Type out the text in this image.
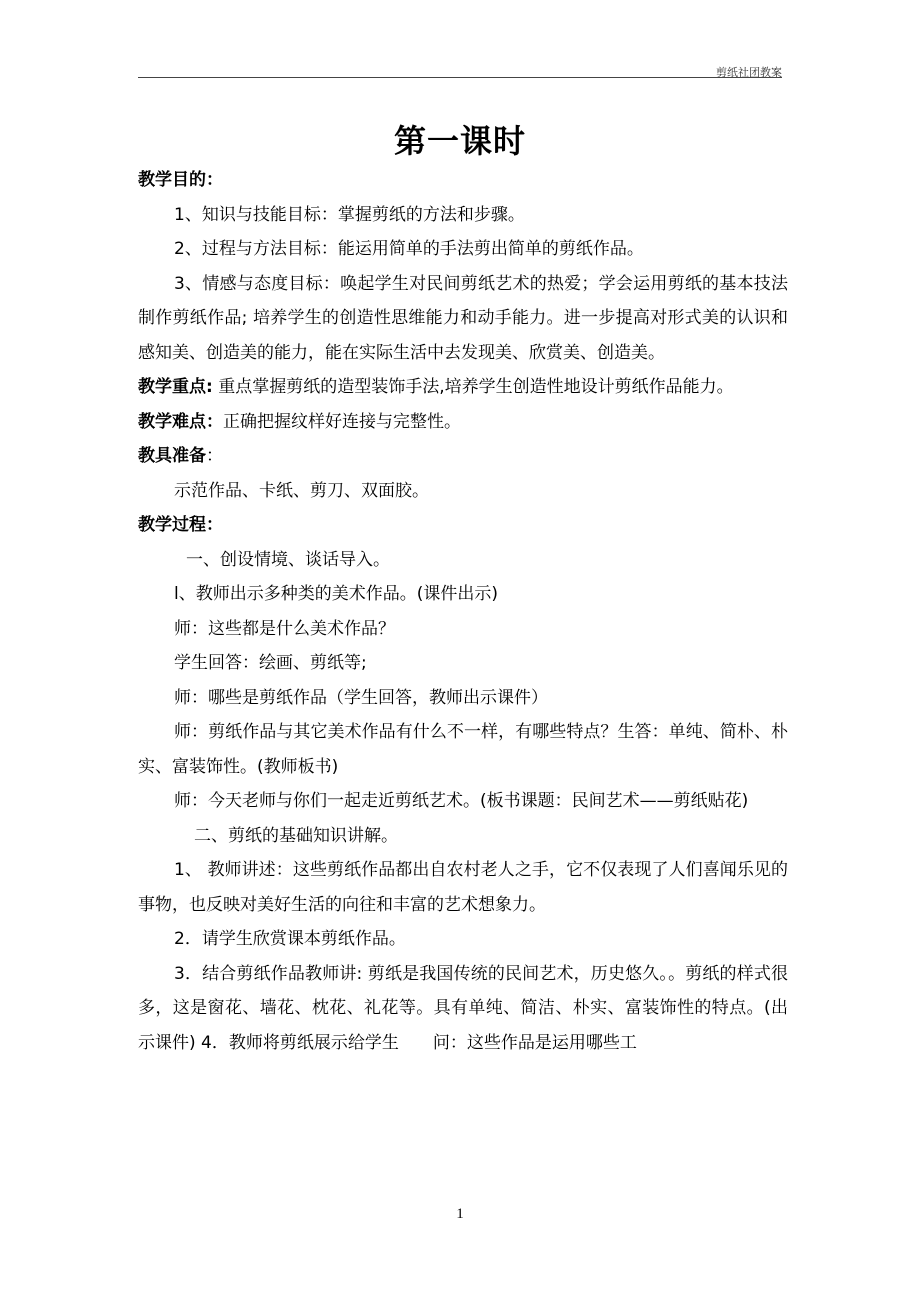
剪纸社团教案
第一课时

教学目的：

1、知识与技能目标：掌握剪纸的方法和步骤。

2、过程与方法目标：能运用简单的手法剪出简单的剪纸作品。

3、情感与态度目标：唤起学生对民间剪纸艺术的热爱；学会运用剪纸的基本技法制作剪纸作品; 培养学生的创造性思维能力和动手能力。进一步提高对形式美的认识和感知美、创造美的能力，能在实际生活中去发现美、欣赏美、创造美。

教学重点: 重点掌握剪纸的造型装饰手法,培养学生创造性地设计剪纸作品能力。

教学难点：正确把握纹样好连接与完整性。

教具准备：

示范作品、卡纸、剪刀、双面胶。

教学过程：

一、创设情境、谈话导入。

l、教师出示多种类的美术作品。(课件出示)

师：这些都是什么美术作品？

学生回答：绘画、剪纸等;

师：哪些是剪纸作品（学生回答，教师出示课件）

师：剪纸作品与其它美术作品有什么不一样，有哪些特点？生答：单纯、简朴、朴实、富装饰性。(教师板书)

师：今天老师与你们一起走近剪纸艺术。(板书课题：民间艺术——剪纸贴花)

二、剪纸的基础知识讲解。

1、 教师讲述：这些剪纸作品都出自农村老人之手，它不仅表现了人们喜闻乐见的事物，也反映对美好生活的向往和丰富的艺术想象力。

2．请学生欣赏课本剪纸作品。

3．结合剪纸作品教师讲: 剪纸是我国传统的民间艺术，历史悠久。。剪纸的样式很多，这是窗花、墙花、枕花、礼花等。具有单纯、简洁、朴实、富装饰性的特点。(出示课件) 4．教师将剪纸展示给学生　　问：这些作品是运用哪些工

1
